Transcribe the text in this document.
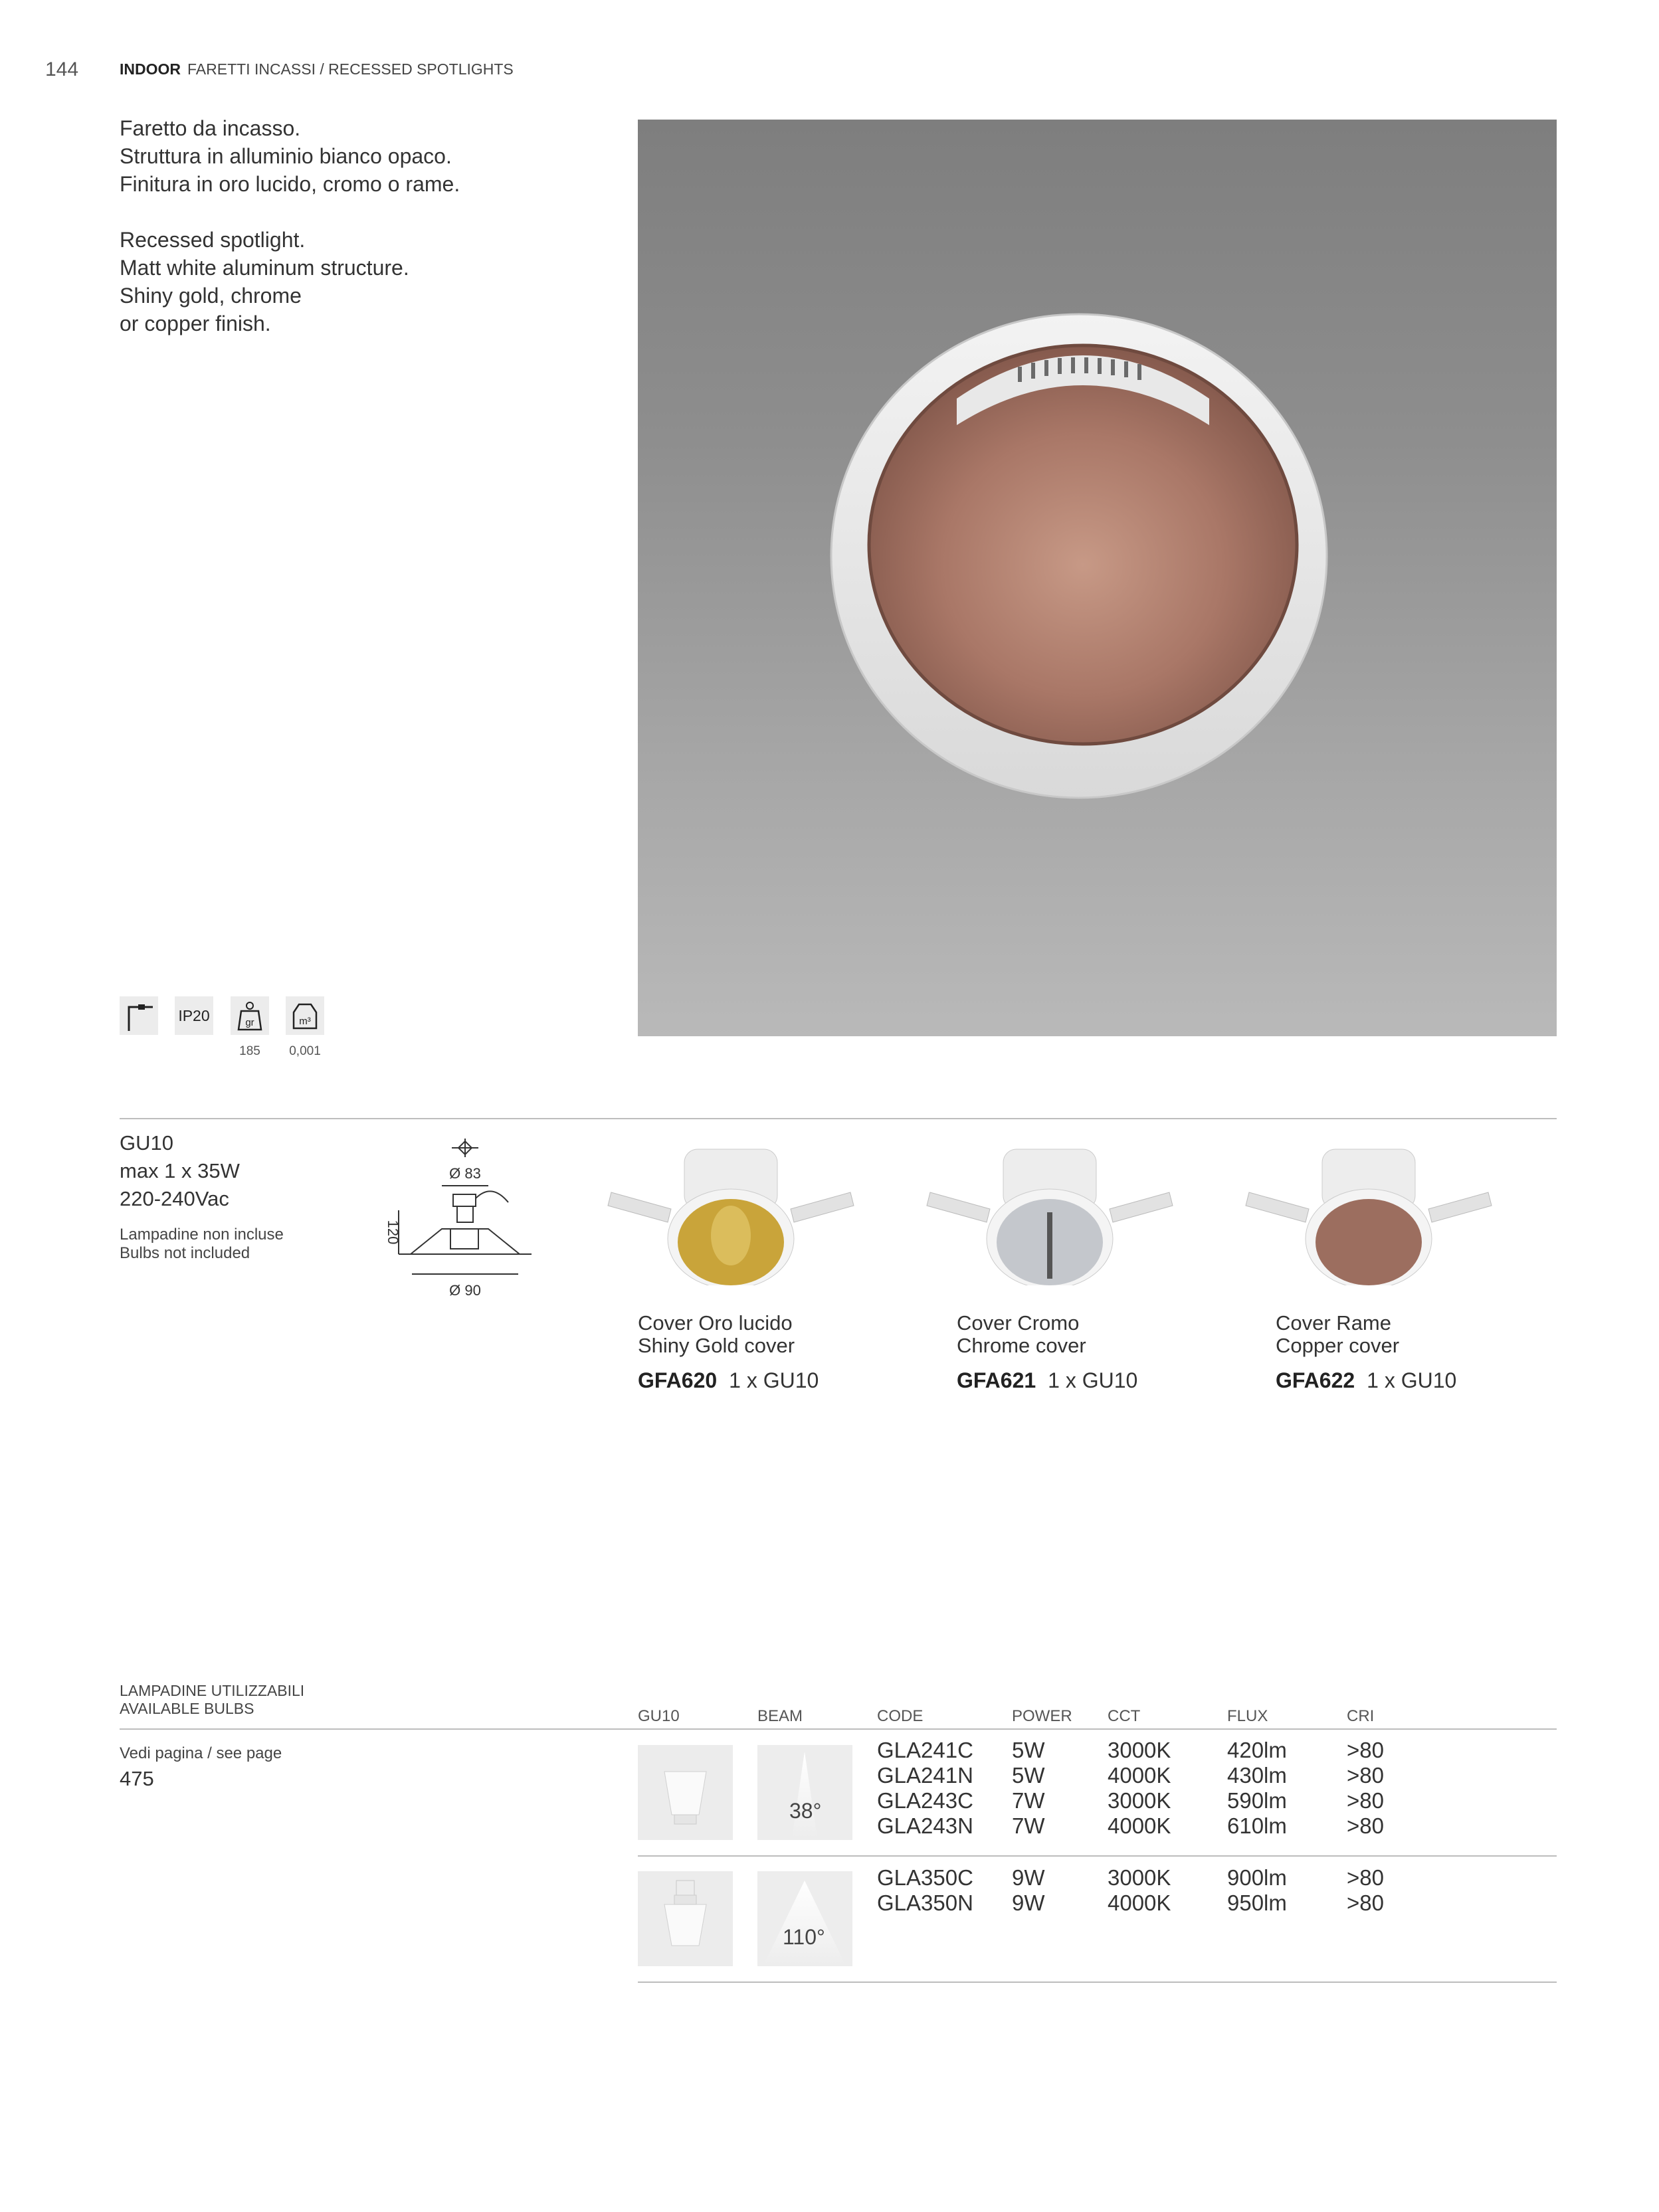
144	INDOOR FARETTI INCASSI / RECESSED SPOTLIGHTS

Faretto da incasso.

Struttura in alluminio bianco opaco.

Finitura in oro lucido, cromo o rame.

Recessed spotlight.

Matt white aluminum structure.

Shiny gold, chrome

or copper finish.

IP20	gr	m³
185	0,001

GU10

max 1 x 35W

220-240Vac

Lampadine non incluse

Bulbs not included

Ø 83
Ø 90
120

Cover Oro lucido

Shiny Gold cover

GFA620 1 x GU10

Cover Cromo

Chrome cover

GFA621 1 x GU10

Cover Rame

Copper cover

GFA622 1 x GU10

LAMPADINE UTILIZZABILI

AVAILABLE BULBS

Vedi pagina / see page
475
GU10	BEAM	CODE	POWER CCT	FLUX	CRI
38°
GLA241C 5W	3000K	420lm	>80
GLA241N 5W	4000K	430lm	>80
GLA243C 7W	3000K	590lm	>80
GLA243N 7W	4000K	610lm	>80
110°
GLA350C 9W	3000K	900lm	>80
GLA350N 9W	4000K	950lm	>80
